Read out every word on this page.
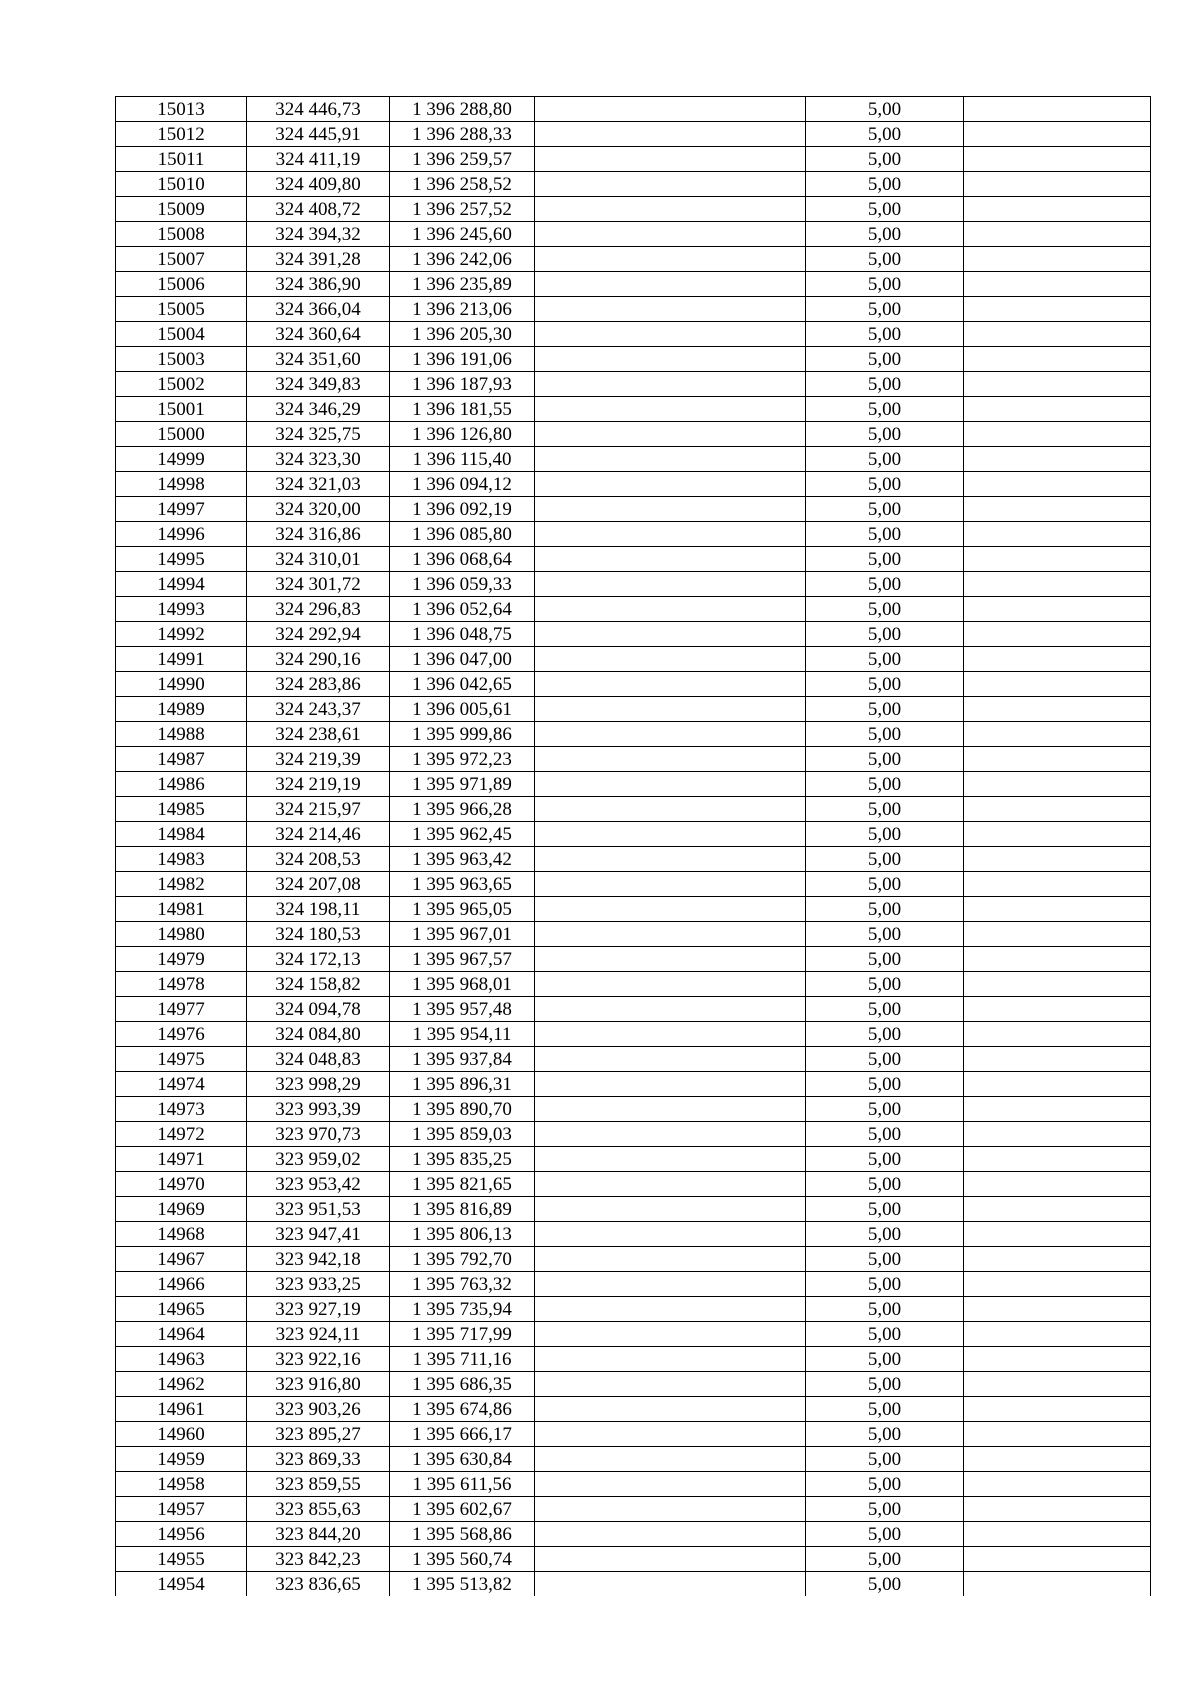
15013	324 446,73	1 396 288,80		5,00	
15012	324 445,91	1 396 288,33		5,00	
15011	324 411,19	1 396 259,57		5,00	
15010	324 409,80	1 396 258,52		5,00	
15009	324 408,72	1 396 257,52		5,00	
15008	324 394,32	1 396 245,60		5,00	
15007	324 391,28	1 396 242,06		5,00	
15006	324 386,90	1 396 235,89		5,00	
15005	324 366,04	1 396 213,06		5,00	
15004	324 360,64	1 396 205,30		5,00	
15003	324 351,60	1 396 191,06		5,00	
15002	324 349,83	1 396 187,93		5,00	
15001	324 346,29	1 396 181,55		5,00	
15000	324 325,75	1 396 126,80		5,00	
14999	324 323,30	1 396 115,40		5,00	
14998	324 321,03	1 396 094,12		5,00	
14997	324 320,00	1 396 092,19		5,00	
14996	324 316,86	1 396 085,80		5,00	
14995	324 310,01	1 396 068,64		5,00	
14994	324 301,72	1 396 059,33		5,00	
14993	324 296,83	1 396 052,64		5,00	
14992	324 292,94	1 396 048,75		5,00	
14991	324 290,16	1 396 047,00		5,00	
14990	324 283,86	1 396 042,65		5,00	
14989	324 243,37	1 396 005,61		5,00	
14988	324 238,61	1 395 999,86		5,00	
14987	324 219,39	1 395 972,23		5,00	
14986	324 219,19	1 395 971,89		5,00	
14985	324 215,97	1 395 966,28		5,00	
14984	324 214,46	1 395 962,45		5,00	
14983	324 208,53	1 395 963,42		5,00	
14982	324 207,08	1 395 963,65		5,00	
14981	324 198,11	1 395 965,05		5,00	
14980	324 180,53	1 395 967,01		5,00	
14979	324 172,13	1 395 967,57		5,00	
14978	324 158,82	1 395 968,01		5,00	
14977	324 094,78	1 395 957,48		5,00	
14976	324 084,80	1 395 954,11		5,00	
14975	324 048,83	1 395 937,84		5,00	
14974	323 998,29	1 395 896,31		5,00	
14973	323 993,39	1 395 890,70		5,00	
14972	323 970,73	1 395 859,03		5,00	
14971	323 959,02	1 395 835,25		5,00	
14970	323 953,42	1 395 821,65		5,00	
14969	323 951,53	1 395 816,89		5,00	
14968	323 947,41	1 395 806,13		5,00	
14967	323 942,18	1 395 792,70		5,00	
14966	323 933,25	1 395 763,32		5,00	
14965	323 927,19	1 395 735,94		5,00	
14964	323 924,11	1 395 717,99		5,00	
14963	323 922,16	1 395 711,16		5,00	
14962	323 916,80	1 395 686,35		5,00	
14961	323 903,26	1 395 674,86		5,00	
14960	323 895,27	1 395 666,17		5,00	
14959	323 869,33	1 395 630,84		5,00	
14958	323 859,55	1 395 611,56		5,00	
14957	323 855,63	1 395 602,67		5,00	
14956	323 844,20	1 395 568,86		5,00	
14955	323 842,23	1 395 560,74		5,00	
14954	323 836,65	1 395 513,82		5,00	
